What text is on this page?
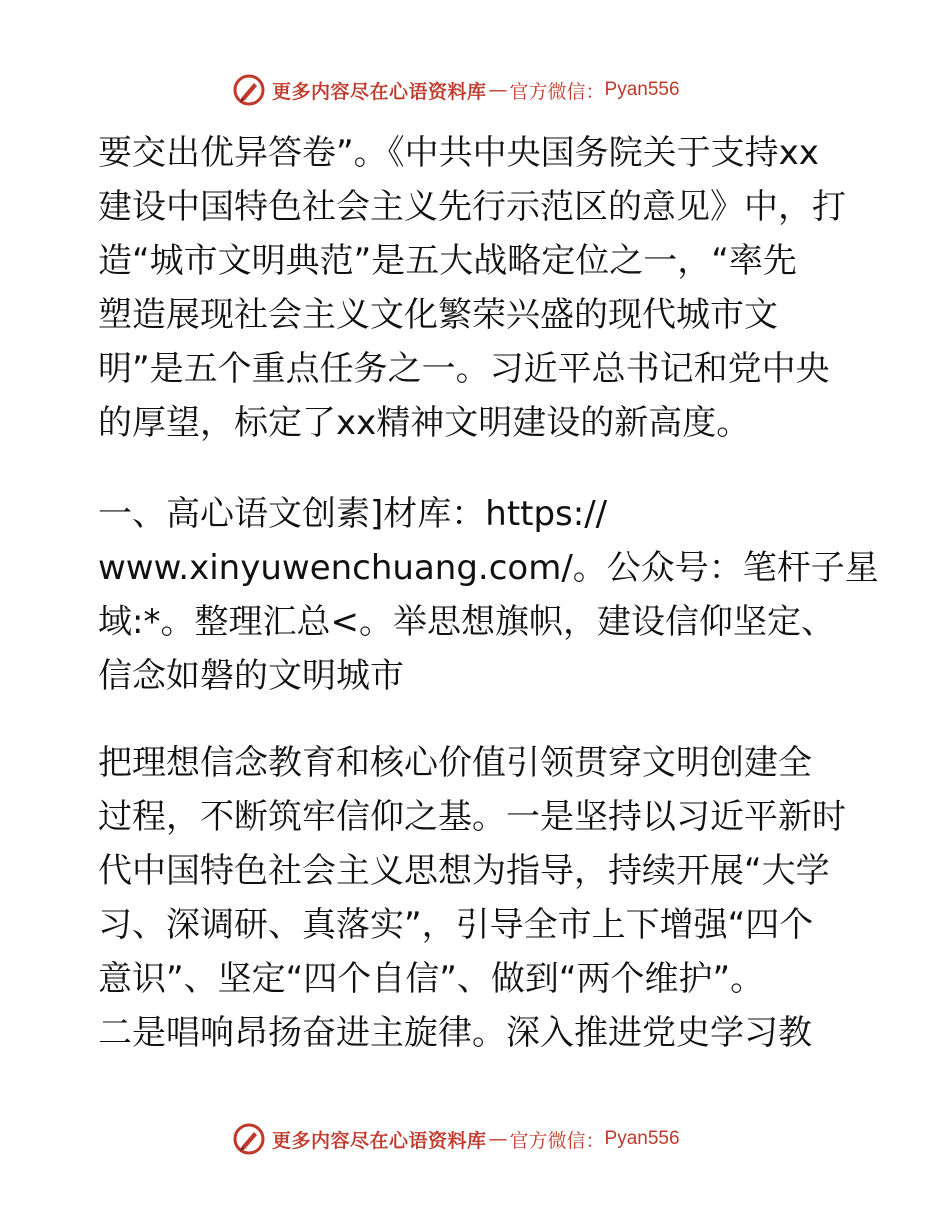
更多内容尽在心语资料库 — 官方微信： Pyan556
要交出优异答卷”。《中共中央国务院关于支持xx
建设中国特色社会主义先行示范区的意见》中，打
造“城市文明典范”是五大战略定位之一，“率先
塑造展现社会主义文化繁荣兴盛的现代城市文
明”是五个重点任务之一。习近平总书记和党中央
的厚望，标定了xx精神文明建设的新高度。
一、高心语文创素]材库：https://
www.xinyuwenchuang.com/。公众号：笔杆子星
域:*。整理汇总<。举思想旗帜，建设信仰坚定、
信念如磐的文明城市
把理想信念教育和核心价值引领贯穿文明创建全
过程，不断筑牢信仰之基。一是坚持以习近平新时
代中国特色社会主义思想为指导，持续开展“大学
习、深调研、真落实”，引导全市上下增强“四个
意识”、坚定“四个自信”、做到“两个维护”。
二是唱响昂扬奋进主旋律。深入推进党史学习教
更多内容尽在心语资料库 — 官方微信： Pyan556
